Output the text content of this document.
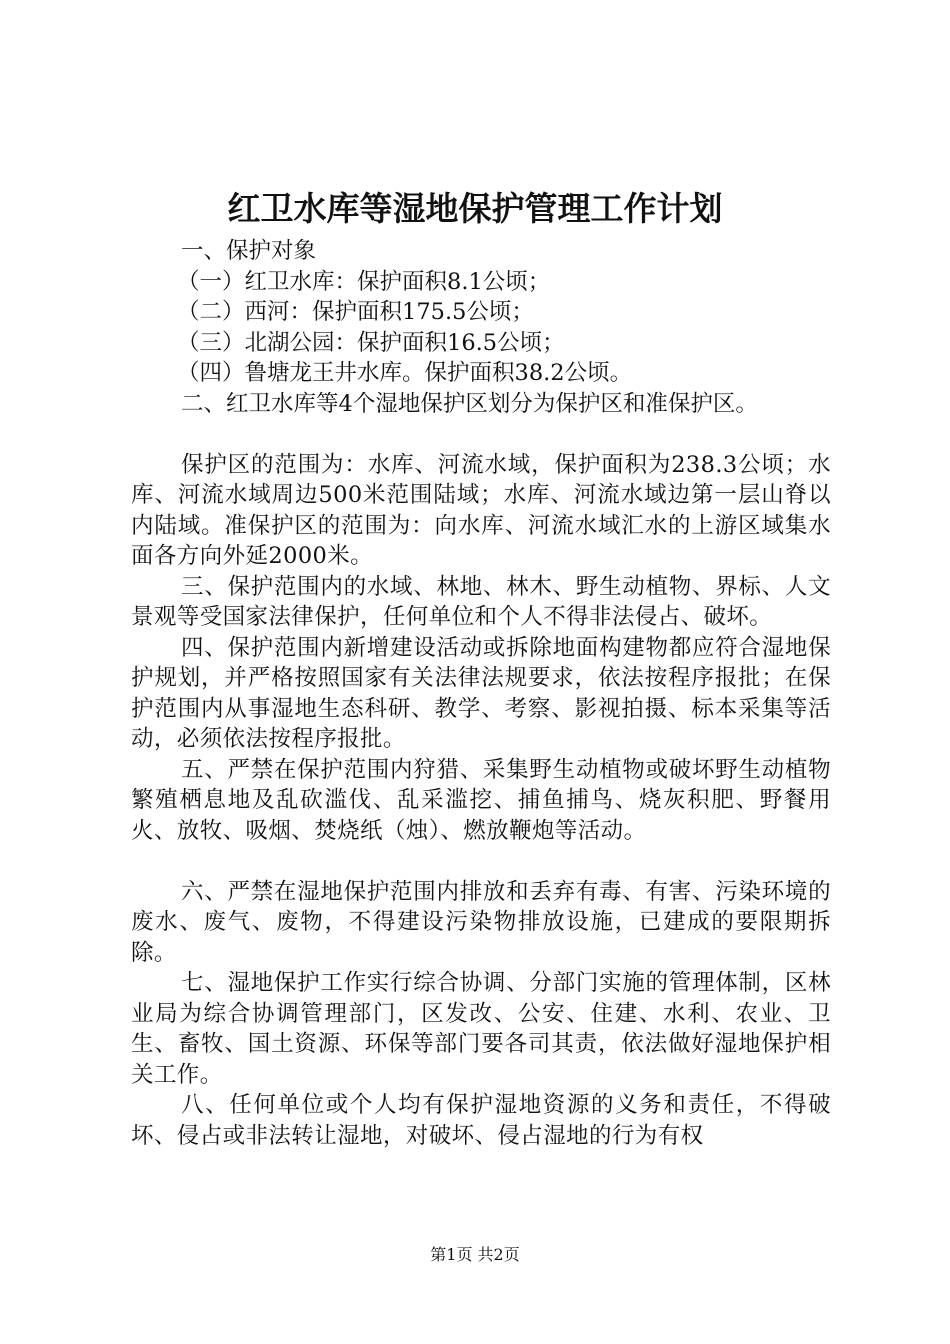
红卫水库等湿地保护管理工作计划

一、保护对象

（一）红卫水库：保护面积8.1公顷；

（二）西河：保护面积175.5公顷；

（三）北湖公园：保护面积16.5公顷；

（四）鲁塘龙王井水库。保护面积38.2公顷。

二、红卫水库等4个湿地保护区划分为保护区和准保护区。

保护区的范围为：水库、河流水域，保护面积为238.3公顷；水库、河流水域周边500米范围陆域；水库、河流水域边第一层山脊以内陆域。准保护区的范围为：向水库、河流水域汇水的上游区域集水面各方向外延2000米。

三、保护范围内的水域、林地、林木、野生动植物、界标、人文景观等受国家法律保护，任何单位和个人不得非法侵占、破坏。

四、保护范围内新增建设活动或拆除地面构建物都应符合湿地保护规划，并严格按照国家有关法律法规要求，依法按程序报批；在保护范围内从事湿地生态科研、教学、考察、影视拍摄、标本采集等活动，必须依法按程序报批。

五、严禁在保护范围内狩猎、采集野生动植物或破坏野生动植物繁殖栖息地及乱砍滥伐、乱采滥挖、捕鱼捕鸟、烧灰积肥、野餐用火、放牧、吸烟、焚烧纸（烛）、燃放鞭炮等活动。

六、严禁在湿地保护范围内排放和丢弃有毒、有害、污染环境的废水、废气、废物，不得建设污染物排放设施，已建成的要限期拆除。

七、湿地保护工作实行综合协调、分部门实施的管理体制，区林业局为综合协调管理部门，区发改、公安、住建、水利、农业、卫生、畜牧、国土资源、环保等部门要各司其责，依法做好湿地保护相关工作。

八、任何单位或个人均有保护湿地资源的义务和责任，不得破坏、侵占或非法转让湿地，对破坏、侵占湿地的行为有权

第1页 共2页
